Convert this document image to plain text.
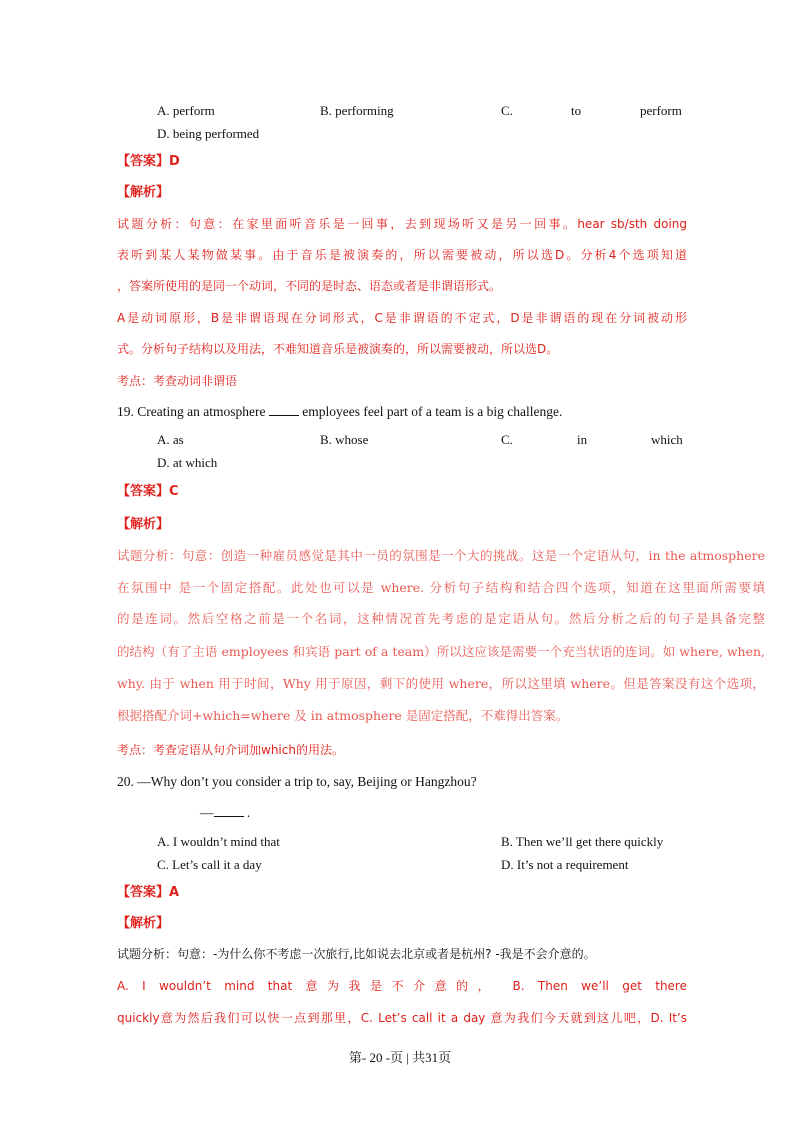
A. perform	B. performing	C.	to	perform
D. being performed
【答案】D
【解析】
试题分析：句意：在家里面听音乐是一回事，去到现场听又是另一回事。hear sb/sth doing
表听到某人某物做某事。由于音乐是被演奏的，所以需要被动，所以选D。分析4个选项知道
，答案所使用的是同一个动词，不同的是时态、语态或者是非谓语形式。
A是动词原形，B是非谓语现在分词形式，C是非谓语的不定式，D是非谓语的现在分词被动形
式。分析句子结构以及用法，不难知道音乐是被演奏的，所以需要被动，所以选D。
考点：考查动词非谓语
19. Creating an atmosphere	employees feel part of a team is a big challenge.
A. as	B. whose	C.	in	which
D. at which
【答案】C
【解析】
试题分析：句意：创造一种雇员感觉是其中一员的氛围是一个大的挑战。这是一个定语从句，in the atmosphere
在氛围中 是一个固定搭配。此处也可以是 where. 分析句子结构和结合四个选项，知道在这里面所需要填
的是连词。然后空格之前是一个名词，这种情况首先考虑的是定语从句。然后分析之后的句子是具备完整
的结构（有了主语 employees 和宾语 part of a team）所以这应该是需要一个充当状语的连词。如 where, when,
why. 由于 when 用于时间，Why 用于原因，剩下的使用 where，所以这里填 where。但是答案没有这个选项，
根据搭配介词+which=where 及 in atmosphere 是固定搭配，不难得出答案。
考点：考查定语从句介词加which的用法。
20. —Why don’t you consider a trip to, say, Beijing or Hangzhou?
— .
A. I wouldn’t mind that	B. Then we’ll get there quickly
C. Let’s call it a day	D. It’s not a requirement
【答案】A
【解析】
试题分析：句意：-为什么你不考虑一次旅行,比如说去北京或者是杭州? -我是不会介意的。
A. I wouldn’t mind that 意为我是不介意的， B. Then we’ll get there
quickly意为然后我们可以快一点到那里，C. Let’s call it a day 意为我们今天就到这儿吧，D. It’s
第- 20 -页 | 共31页
